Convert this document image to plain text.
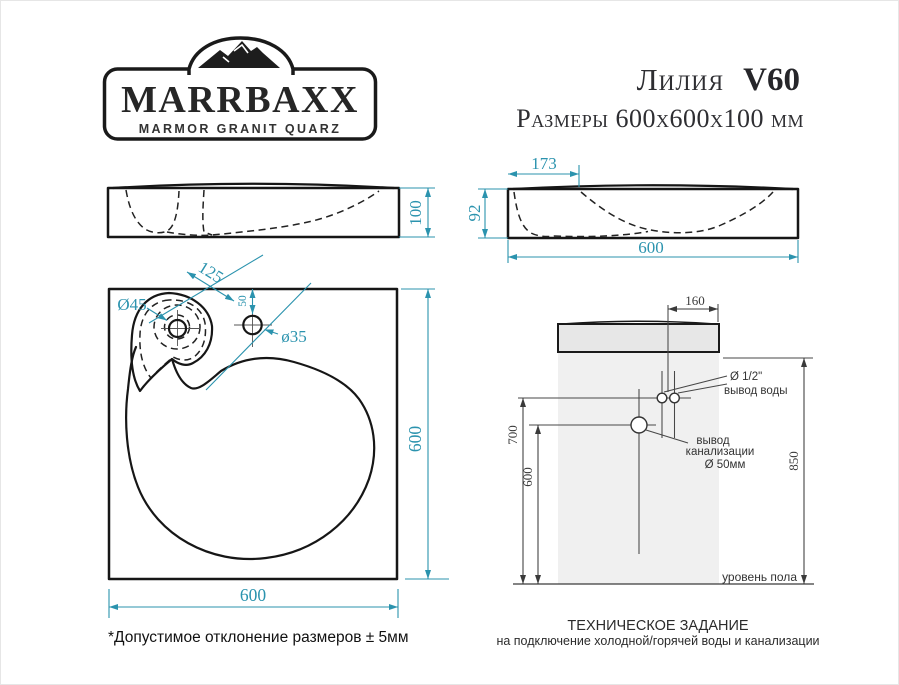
MARRBAXX
MARMOR GRANIT QUARZ
Лилия V60
Размеры 600х600х100 мм
100
173
92
600
Ø45
ø35
125
50
600
600
Ø 1/2"
вывод воды
вывод
канализации
Ø 50мм
160
700
600
850
уровень пола
*Допустимое отклонение размеров ± 5мм
ТЕХНИЧЕСКОЕ ЗАДАНИЕ
на подключение холодной/горячей воды и канализации
